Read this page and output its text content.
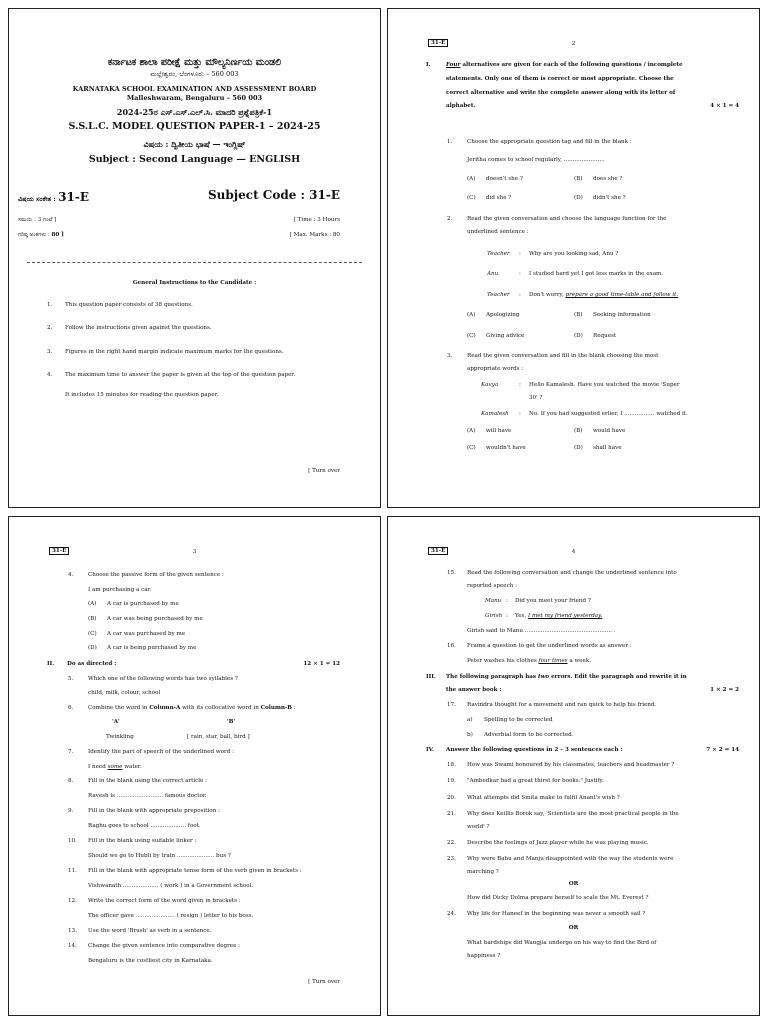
ಕರ್ನಾಟಕ ಶಾಲಾ ಪರೀಕ್ಷೆ ಮತ್ತು ಮೌಲ್ಯನಿರ್ಣಯ ಮಂಡಲಿ
ಮಲ್ಲೇಶ್ವರಂ, ಬೆಂಗಳೂರು – 560 003
KARNATAKA SCHOOL EXAMINATION AND ASSESSMENT BOARD
Malleshwaram, Bengaluru – 560 003
2024-25ರ ಎಸ್.ಎಸ್.ಎಲ್.ಸಿ. ಮಾದರಿ ಪ್ರಶ್ನೆಪತ್ರಿಕೆ-1
S.S.L.C. MODEL QUESTION PAPER-1 – 2024-25
ವಿಷಯ : ದ್ವಿತೀಯ ಭಾಷೆ — ಇಂಗ್ಲಿಷ್
Subject : Second Language — ENGLISH
ವಿಷಯ ಸಂಕೇತ : 31-E	Subject Code : 31-E
ಸಮಯ : 3 ಗಂಟೆ ]	[ Time : 3 Hours
ಗರಿಷ್ಠ ಅಂಕಗಳು : 80 ]	[ Max. Marks : 80
General Instructions to the Candidate :
1. This question paper consists of 38 questions.
2. Follow the instructions given against the questions.
3. Figures in the right hand margin indicate maximum marks for the questions.
4. The maximum time to answer the paper is given at the top of the question paper.
It includes 15 minutes for reading the question paper.
[ Turn over
31-E	2
I.	Four alternatives are given for each of the following questions / incomplete
statements. Only one of them is correct or most appropriate. Choose the
correct alternative and write the complete answer along with its letter of
alphabet.	4 × 1 = 4
1.	Choose the appropriate question tag and fill in the blank :
Jeritha comes to school regularly, .......................
(A) doesn't she ?	(B) does she ?
(C) did she ?	(D) didn't she ?
2.	Read the given conversation and choose the language function for the
underlined sentence :
Teacher : Why are you looking sad, Anu ?
Anu	: I studied hard yet I got less marks in the exam.
Teacher : Don't worry, prepare a good time-table and follow it.
(A) Apologizing	(B) Seeking information
(C) Giving advice	(D) Request
3.	Read the given conversation and fill in the blank choosing the most
appropriate words :
Kavya	: Hello Kamalesh. Have you watched the movie 'Super
30' ?
Kamalesh : No. If you had suggested erlier, I ................. watched it.
(A) will have	(B) would have
(C) wouldn't have	(D) shall have
31-E	3
4.	Choose the passive form of the given sentence :
I am purchasing a car.
(A) A car is purchased by me
(B) A car was being purchased by me
(C) A car was purchased by me
(D) A car is being purchased by me
II. Do as directed :	12 × 1 = 12
5.	Which one of the following words has two syllables ?
child, milk, colour, school
6.	Combine the word in Column-A with its collocative word in Column-B :
'A'	'B'
Twinkling	[ rain, star, ball, bird ]
7.	Identify the part of speech of the underlined word :
I need some water.
8.	Fill in the blank using the correct article :
Ravesh is .......................... famous doctor.
9.	Fill in the blank with appropriate preposition :
Raghu goes to school .................... foot.
10. Fill in the blank using suitable linker :
Should we go to Hubli by train ..................... bus ?
11. Fill in the blank with appropriate tense form of the verb given in brackets :
Vishwanath .................... ( work ) in a Government school.
12. Write the correct form of the word given in brackets :
The officer gave ...................... ( resign ) letter to his boss.
13. Use the word 'Brush' as verb in a sentence.
14. Change the given sentence into comparative degree :
Bengaluru is the costliest city in Karnataka.
[ Turn over
31-E	4
15. Read the following conversation and change the underlined sentence into
reported speech :
Manu : Did you meet your friend ?
Girish : Yes, I met my friend yesterday.
Girish said to Manu ................................................. .
16. Frame a question to get the underlined words as answer :
Peter washes his clothes four times a week.
III. The following paragraph has two errors. Edit the paragraph and rewrite it in
the answer book :	1 × 2 = 2
17. Ravindra thought for a movement and ran quick to help his friend.
a) Spelling to be corrected
b) Adverbial form to be corrected.
IV. Answer the following questions in 2 – 3 sentences each :	7 × 2 = 14
18. How was Swami honoured by his classmates, teachers and headmaster ?
19. "Ambedkar had a great thirst for books." Justify.
20. What attempts did Smita make to fulfil Anant's wish ?
21. Why does Keillis Borok say, 'Scientists are the most practical people in the
world' ?
22. Describe the feelings of Jazz player while he was playing music.
23. Why were Babu and Manju disappointed with the way the students were
marching ?
OR
How did Dicky Dolma prepare herself to scale the Mt. Everest ?
24. Why life for Haneef in the beginning was never a smooth sail ?
OR
What hardships did Wangjia undergo on his way to find the Bird of
happiness ?
